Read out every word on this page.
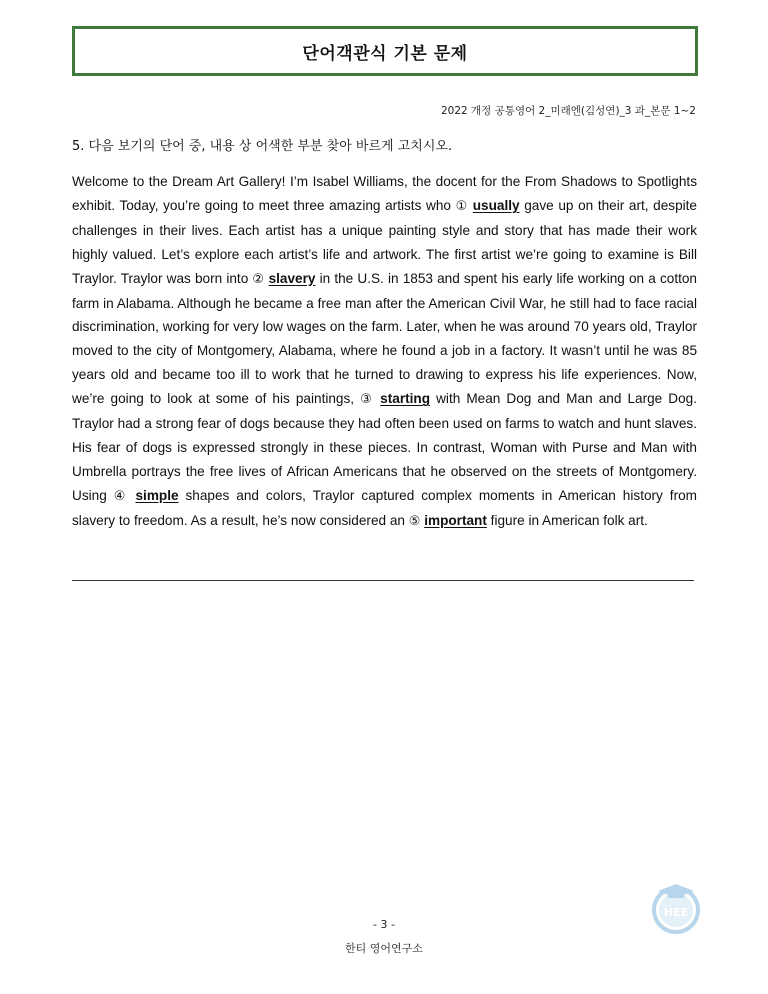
단어객관식 기본 문제
2022 개정 공통영어 2_미래엔(김성연)_3 과_본문 1~2
5. 다음 보기의 단어 중, 내용 상 어색한 부분 찾아 바르게 고치시오.

Welcome to the Dream Art Gallery! I’m Isabel Williams, the docent for the From Shadows to Spotlights exhibit. Today, you’re going to meet three amazing artists who ① usually gave up on their art, despite challenges in their lives. Each artist has a unique painting style and story that has made their work highly valued. Let’s explore each artist’s life and artwork. The first artist we’re going to examine is Bill Traylor. Traylor was born into ② slavery in the U.S. in 1853 and spent his early life working on a cotton farm in Alabama. Although he became a free man after the American Civil War, he still had to face racial discrimination, working for very low wages on the farm. Later, when he was around 70 years old, Traylor moved to the city of Montgomery, Alabama, where he found a job in a factory. It wasn’t until he was 85 years old and became too ill to work that he turned to drawing to express his life experiences. Now, we’re going to look at some of his paintings, ③ starting with Mean Dog and Man and Large Dog. Traylor had a strong fear of dogs because they had often been used on farms to watch and hunt slaves. His fear of dogs is expressed strongly in these pieces. In contrast, Woman with Purse and Man with Umbrella portrays the free lives of African Americans that he observed on the streets of Montgomery. Using ④ simple shapes and colors, Traylor captured complex moments in American history from slavery to freedom. As a result, he’s now considered an ⑤ important figure in American folk art.

HEE
- 3 -
한티 영어연구소
